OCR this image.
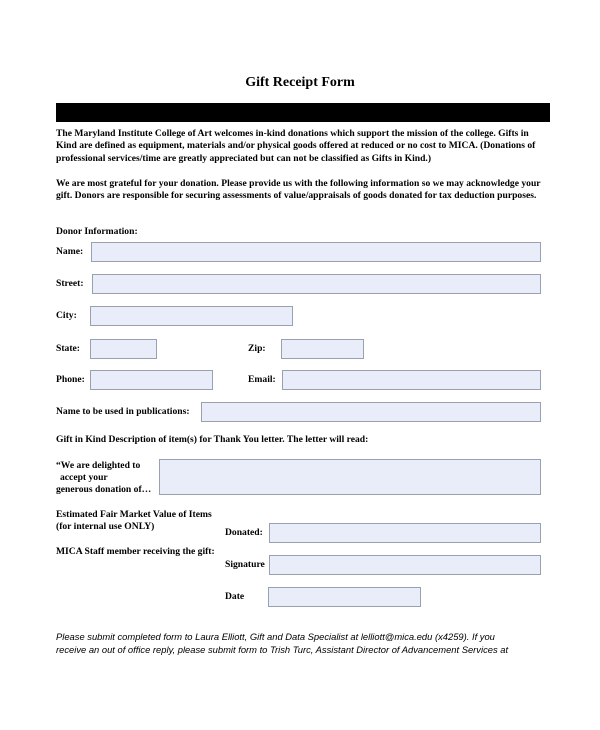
Gift Receipt Form
The Maryland Institute College of Art welcomes in-kind donations which support the mission of the college. Gifts in Kind are defined as equipment, materials and/or physical goods offered at reduced or no cost to MICA. (Donations of professional services/time are greatly appreciated but can not be classified as Gifts in Kind.)
We are most grateful for your donation. Please provide us with the following information so we may acknowledge your gift. Donors are responsible for securing assessments of value/appraisals of goods donated for tax deduction purposes.
Donor Information:
Name:
Street:
City:
State:	Zip:
Phone:	Email:
Name to be used in publications:
Gift in Kind Description of item(s) for Thank You letter. The letter will read:
“We are delighted to
accept your
generous donation of…
Estimated Fair Market Value of Items
(for internal use ONLY)
Donated:
MICA Staff member receiving the gift:
Signature
Date
Please submit completed form to Laura Elliott, Gift and Data Specialist at lelliott@mica.edu (x4259). If you
receive an out of office reply, please submit form to Trish Turc, Assistant Director of Advancement Services at
